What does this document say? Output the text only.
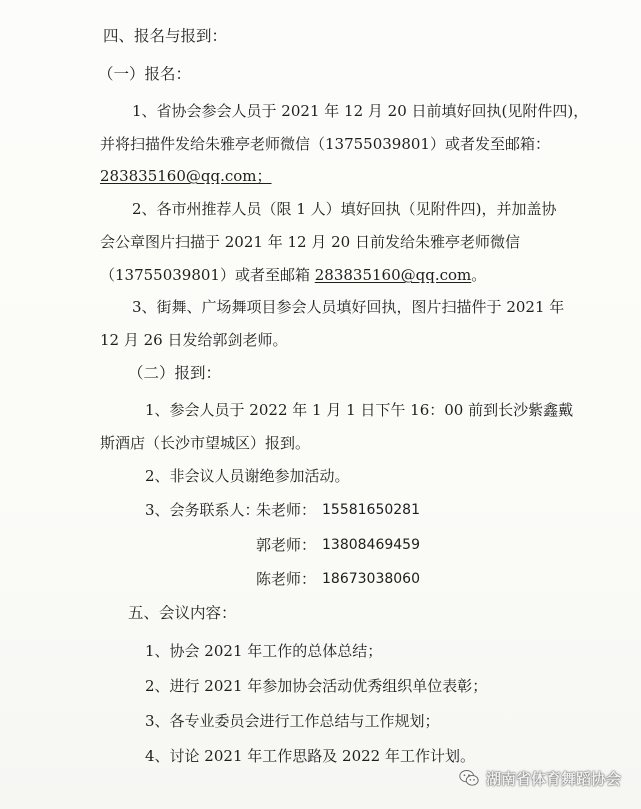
四、报名与报到：
（一）报名：
1、省协会参会人员于 2021 年 12 月 20 日前填好回执(见附件四)，
并将扫描件发给朱雅亭老师微信（13755039801）或者发至邮箱：
283835160@qq.com；
2、各市州推荐人员（限 1 人）填好回执（见附件四)，并加盖协
会公章图片扫描于 2021 年 12 月 20 日前发给朱雅亭老师微信
（13755039801）或者至邮箱 283835160@qq.com。
3、街舞、广场舞项目参会人员填好回执，图片扫描件于 2021 年
12 月 26 日发给郭剑老师。
（二）报到：
1、参会人员于 2022 年 1 月 1 日下午 16：00 前到长沙紫鑫戴
斯酒店（长沙市望城区）报到。
2、非会议人员谢绝参加活动。
3、会务联系人：
朱老师： 15581650281
郭老师： 13808469459
陈老师： 18673038060
五、会议内容：
1、协会 2021 年工作的总体总结；
2、进行 2021 年参加协会活动优秀组织单位表彰；
3、各专业委员会进行工作总结与工作规划；
4、讨论 2021 年工作思路及 2022 年工作计划。
湖南省体育舞蹈协会
